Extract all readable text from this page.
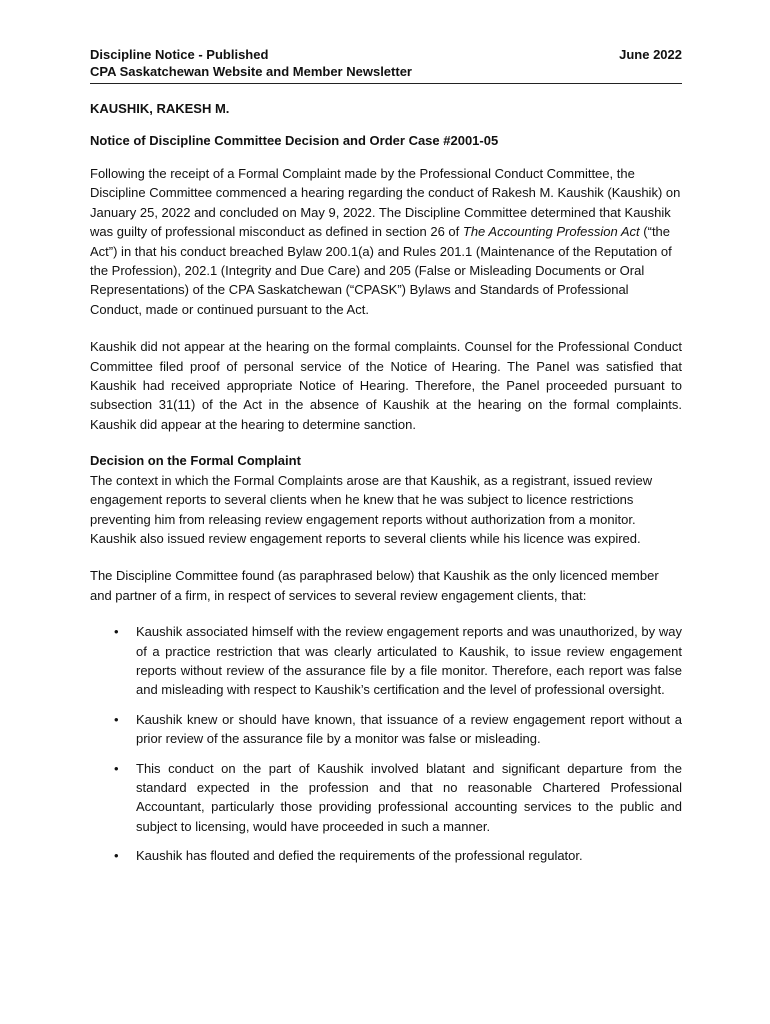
Discipline Notice - Published
CPA Saskatchewan Website and Member Newsletter
June 2022
KAUSHIK, RAKESH M.
Notice of Discipline Committee Decision and Order Case #2001-05

Following the receipt of a Formal Complaint made by the Professional Conduct Committee, the Discipline Committee commenced a hearing regarding the conduct of Rakesh M. Kaushik (Kaushik) on January 25, 2022 and concluded on May 9, 2022. The Discipline Committee determined that Kaushik was guilty of professional misconduct as defined in section 26 of The Accounting Profession Act (“the Act”) in that his conduct breached Bylaw 200.1(a) and Rules 201.1 (Maintenance of the Reputation of the Profession), 202.1 (Integrity and Due Care) and 205 (False or Misleading Documents or Oral Representations) of the CPA Saskatchewan (“CPASK”) Bylaws and Standards of Professional Conduct, made or continued pursuant to the Act.

Kaushik did not appear at the hearing on the formal complaints. Counsel for the Professional Conduct Committee filed proof of personal service of the Notice of Hearing. The Panel was satisfied that Kaushik had received appropriate Notice of Hearing. Therefore, the Panel proceeded pursuant to subsection 31(11) of the Act in the absence of Kaushik at the hearing on the formal complaints. Kaushik did appear at the hearing to determine sanction.

Decision on the Formal Complaint

The context in which the Formal Complaints arose are that Kaushik, as a registrant, issued review engagement reports to several clients when he knew that he was subject to licence restrictions preventing him from releasing review engagement reports without authorization from a monitor. Kaushik also issued review engagement reports to several clients while his licence was expired.

The Discipline Committee found (as paraphrased below) that Kaushik as the only licenced member and partner of a firm, in respect of services to several review engagement clients, that:

• Kaushik associated himself with the review engagement reports and was unauthorized, by way of a practice restriction that was clearly articulated to Kaushik, to issue review engagement reports without review of the assurance file by a file monitor. Therefore, each report was false and misleading with respect to Kaushik’s certification and the level of professional oversight.
• Kaushik knew or should have known, that issuance of a review engagement report without a prior review of the assurance file by a monitor was false or misleading.
• This conduct on the part of Kaushik involved blatant and significant departure from the standard expected in the profession and that no reasonable Chartered Professional Accountant, particularly those providing professional accounting services to the public and subject to licensing, would have proceeded in such a manner.
• Kaushik has flouted and defied the requirements of the professional regulator.
